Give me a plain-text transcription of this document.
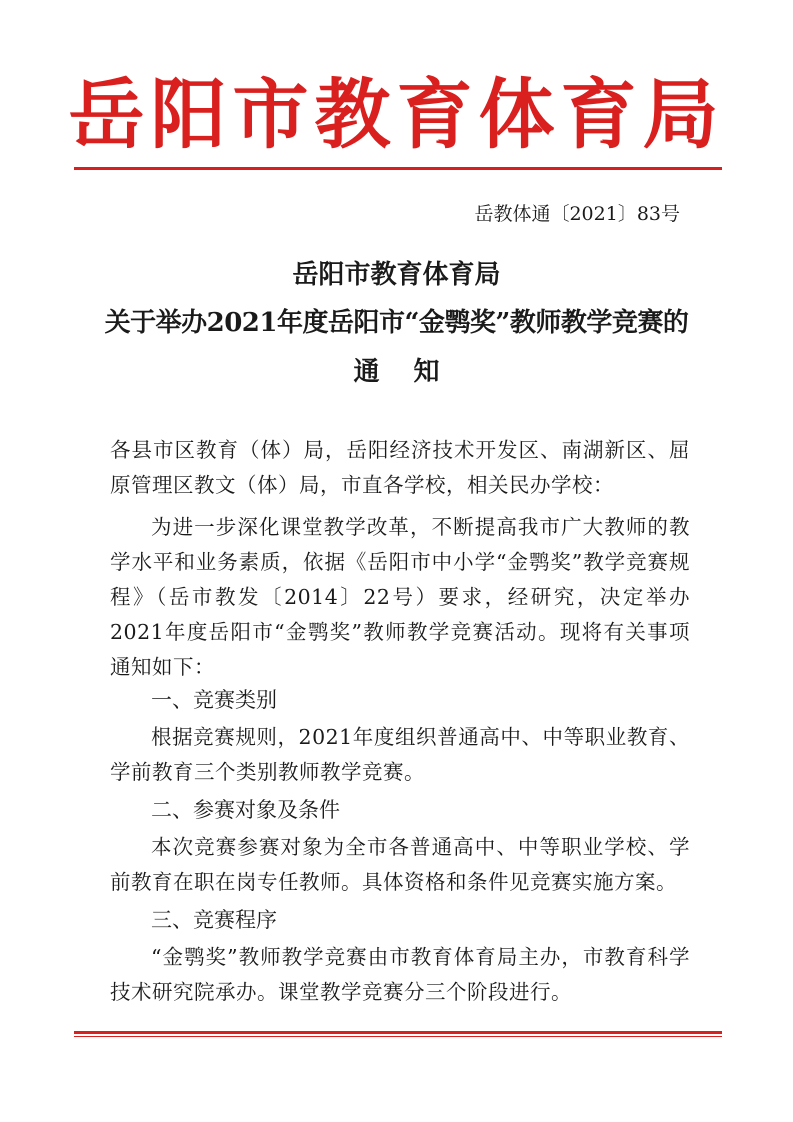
岳阳市教育体育局
岳教体通〔2021〕83号
岳阳市教育体育局
关于举办2021年度岳阳市“金鹗奖”教师教学竞赛的
通知
各县市区教育（体）局，岳阳经济技术开发区、南湖新区、屈原管理区教文（体）局，市直各学校，相关民办学校：
为进一步深化课堂教学改革，不断提高我市广大教师的教学水平和业务素质，依据《岳阳市中小学“金鹗奖”教学竞赛规程》（岳市教发〔2014〕22号）要求，经研究，决定举办2021年度岳阳市“金鹗奖”教师教学竞赛活动。现将有关事项通知如下：
一、竞赛类别
根据竞赛规则，2021年度组织普通高中、中等职业教育、学前教育三个类别教师教学竞赛。
二、参赛对象及条件
本次竞赛参赛对象为全市各普通高中、中等职业学校、学前教育在职在岗专任教师。具体资格和条件见竞赛实施方案。
三、竞赛程序
“金鹗奖”教师教学竞赛由市教育体育局主办，市教育科学技术研究院承办。课堂教学竞赛分三个阶段进行。
